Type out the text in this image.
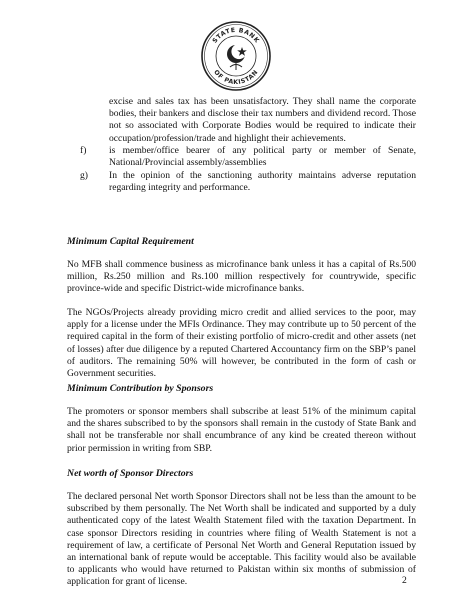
STATE BANK
OF PAKISTAN
excise and sales tax has been unsatisfactory. They shall name the corporate bodies, their bankers and disclose their tax numbers and dividend record. Those not so associated with Corporate Bodies would be required to indicate their occupation/profession/trade and highlight their achievements.
f) is member/office bearer of any political party or member of Senate, National/Provincial assembly/assemblies
g) In the opinion of the sanctioning authority maintains adverse reputation regarding integrity and performance.
Minimum Capital Requirement
No MFB shall commence business as microfinance bank unless it has a capital of Rs.500 million, Rs.250 million and Rs.100 million respectively for countrywide, specific province-wide and specific District-wide microfinance banks.
The NGOs/Projects already providing micro credit and allied services to the poor, may apply for a license under the MFIs Ordinance. They may contribute up to 50 percent of the required capital in the form of their existing portfolio of micro-credit and other assets (net of losses) after due diligence by a reputed Chartered Accountancy firm on the SBP’s panel of auditors. The remaining 50% will however, be contributed in the form of cash or Government securities.
Minimum Contribution by Sponsors
The promoters or sponsor members shall subscribe at least 51% of the minimum capital and the shares subscribed to by the sponsors shall remain in the custody of State Bank and shall not be transferable nor shall encumbrance of any kind be created thereon without prior permission in writing from SBP.
Net worth of Sponsor Directors
The declared personal Net worth Sponsor Directors shall not be less than the amount to be subscribed by them personally. The Net Worth shall be indicated and supported by a duly authenticated copy of the latest Wealth Statement filed with the taxation Department. In case sponsor Directors residing in countries where filing of Wealth Statement is not a requirement of law, a certificate of Personal Net Worth and General Reputation issued by an international bank of repute would be acceptable. This facility would also be available to applicants who would have returned to Pakistan within six months of submission of application for grant of license.	2
